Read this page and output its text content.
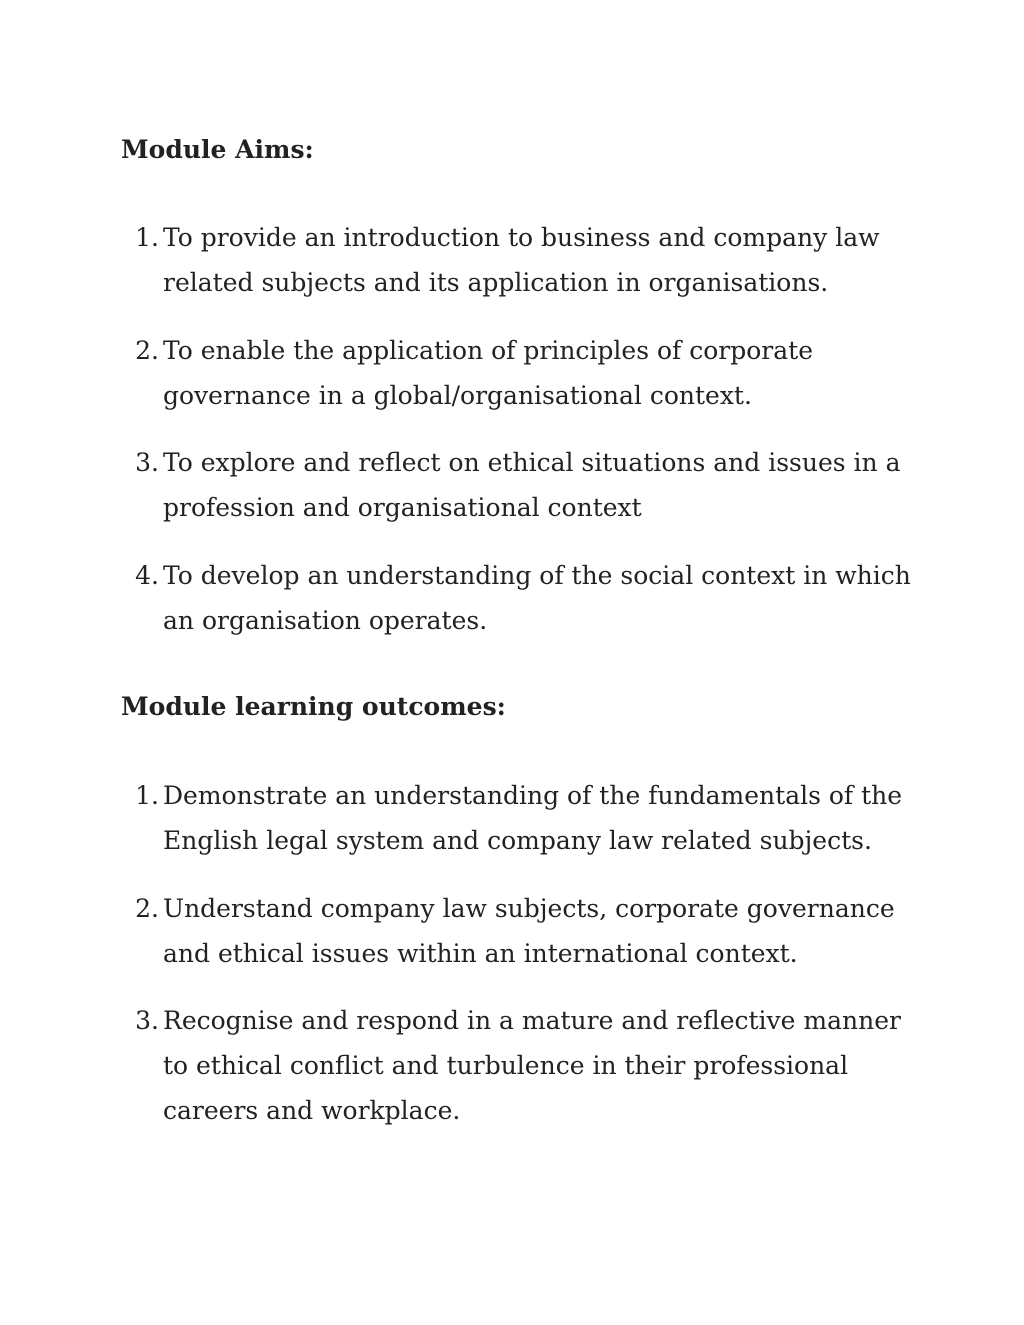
Module Aims:
1. To provide an introduction to business and company law
related subjects and its application in organisations.
2. To enable the application of principles of corporate
governance in a global/organisational context.
3. To explore and reflect on ethical situations and issues in a
profession and organisational context
4. To develop an understanding of the social context in which
an organisation operates.
Module learning outcomes:
1. Demonstrate an understanding of the fundamentals of the
English legal system and company law related subjects.
2. Understand company law subjects, corporate governance
and ethical issues within an international context.
3. Recognise and respond in a mature and reflective manner
to ethical conflict and turbulence in their professional
careers and workplace.
